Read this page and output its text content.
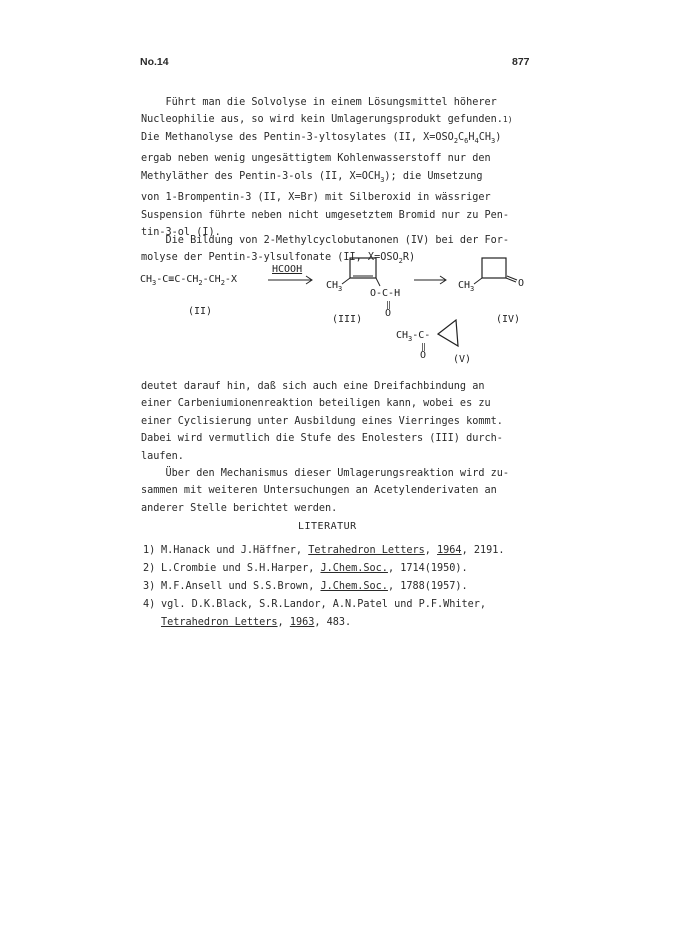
No.14	877
Führt man die Solvolyse in einem Lösungsmittel höherer
Nucleophilie aus, so wird kein Umlagerungsprodukt gefunden.$^{1)}$
Die Methanolyse des Pentin-3-yltosylates (II, $X=OSO_2C_6H_4CH_3$)
ergab neben wenig ungesättigtem Kohlenwasserstoff nur den
Methyläther des Pentin-3-ols (II, $X=OCH_3$); die Umsetzung
von 1-Brompentin-3 (II, X=Br) mit Silberoxid in wässriger
Suspension führte neben nicht umgesetztem Bromid nur zu Pen-
tin-3-ol (I).
Die Bildung von 2-Methylcyclobutanonen (IV) bei der For-
molyse der Pentin-3-ylsulfonate (II, $X=OSO_2R$)
$CH_3-C\equiv C-CH_2-CH_2-X$
(II)
HCOOH
$CH_3$	O-C-H
‖
O
(III)
O
$CH_3$
(IV)
$CH_3-C-$
‖
O	(V)
deutet darauf hin, daß sich auch eine Dreifachbindung an
einer Carbeniumionenreaktion beteiligen kann, wobei es zu
einer Cyclisierung unter Ausbildung eines Vierringes kommt.
Dabei wird vermutlich die Stufe des Enolesters (III) durch-
laufen.
Über den Mechanismus dieser Umlagerungsreaktion wird zu-
sammen mit weiteren Untersuchungen an Acetylenderivaten an
anderer Stelle berichtet werden.
LITERATUR
1) M.Hanack und J.Häffner, Tetrahedron Letters, 1964, 2191.
2) L.Crombie und S.H.Harper, J.Chem.Soc., 1714(1950).
3) M.F.Ansell und S.S.Brown, J.Chem.Soc., 1788(1957).
4) vgl. D.K.Black, S.R.Landor, A.N.Patel und P.F.Whiter,
Tetrahedron Letters, 1963, 483.
